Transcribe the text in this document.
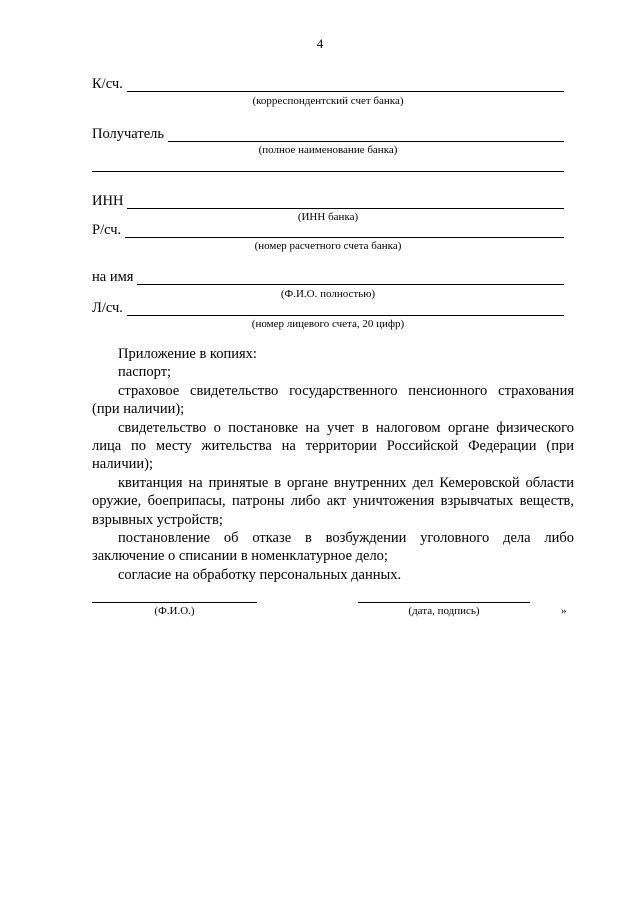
4
К/сч.
(корреспондентский счет банка)
Получатель
(полное наименование банка)
ИНН
(ИНН банка)
Р/сч.
(номер расчетного счета банка)
на имя
(Ф.И.О. полностью)
Л/сч.
(номер лицевого счета, 20 цифр)

Приложение в копиях:

паспорт;

страховое свидетельство государственного пенсионного страхования (при наличии);

свидетельство о постановке на учет в налоговом органе физического лица по месту жительства на территории Российской Федерации (при наличии);

квитанция на принятые в органе внутренних дел Кемеровской области оружие, боеприпасы, патроны либо акт уничтожения взрывчатых веществ, взрывных устройств;

постановление об отказе в возбуждении уголовного дела либо заключение о списании в номенклатурное дело;

согласие на обработку персональных данных.

(Ф.И.О.)	(дата, подпись)	»
